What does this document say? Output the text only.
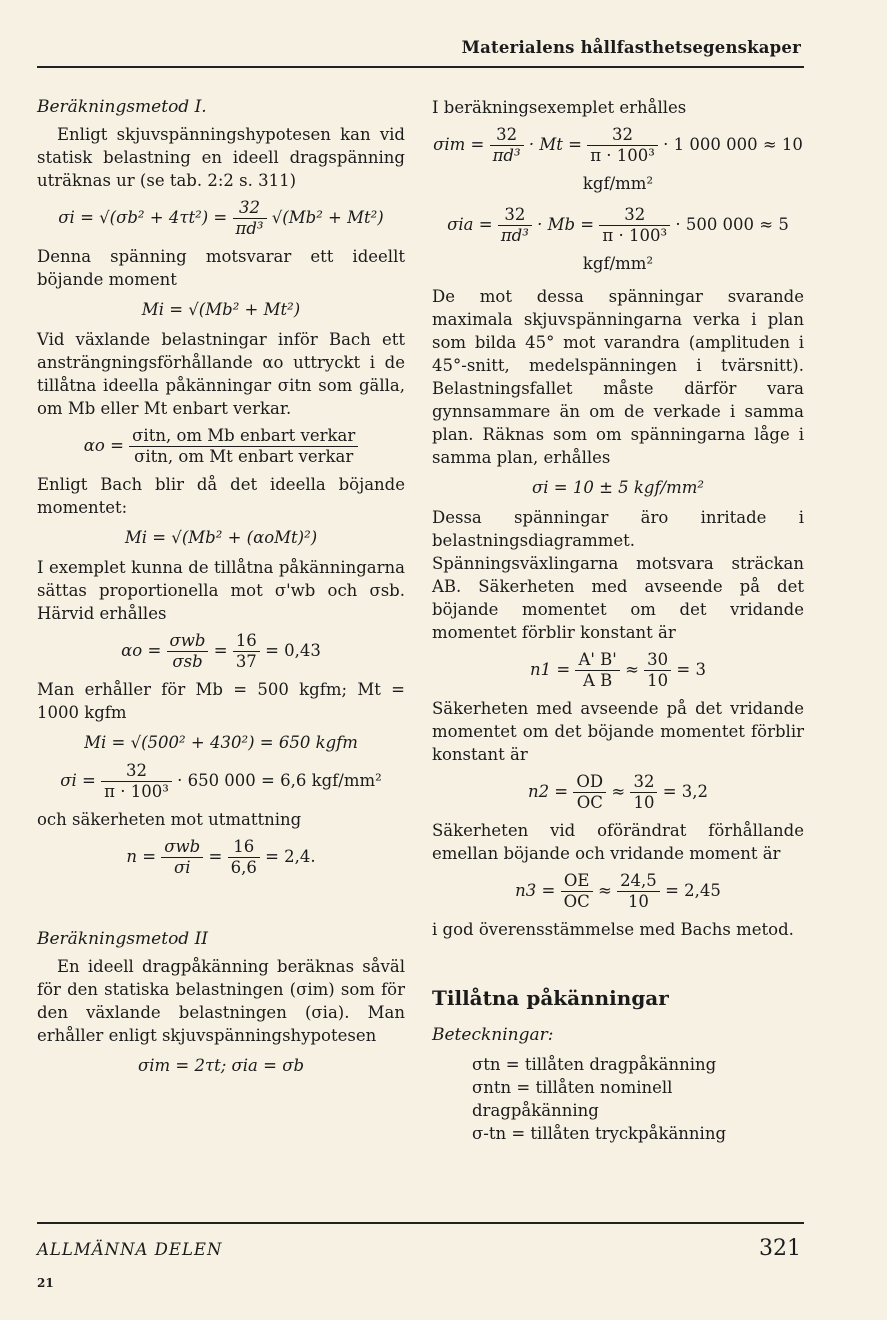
Materialens hållfasthetsegenskaper
Beräkningsmetod I.

Enligt skjuvspänningshypotesen kan vid statisk belastning en ideell dragspänning uträknas ur (se tab. 2:2 s. 311)

$\sigma i = √(\sigma b^2 + 4\tau t^2) = \frac{32}{\text{πd³}} √(Mb^2 + Mt^2)$

Denna spänning motsvarar ett ideellt böjande moment

Mi = √(Mb² + Mt²)

Vid växlande belastningar inför Bach ett ansträngningsförhållande αo uttryckt i de tillåtna ideella påkänningar σitn som gälla, om Mb eller Mt enbart verkar.

$\alpha o = \frac{\text{σitn, om Mb enbart verkar}}{\text{σitn, om Mt enbart verkar}}$

Enligt Bach blir då det ideella böjande momentet:

Mi = √(Mb² + (αoMt)²)

I exemplet kunna de tillåtna påkänningarna sättas proportionella mot σ'wb och σsb. Härvid erhålles

$\alpha o = \frac{\text{σwb}}{\text{σsb}} = \frac{16}{37} = 0,43$

Man erhåller för Mb = 500 kgfm; Mt = 1000 kgfm

Mi = √(500² + 430²) = 650 kgfm
$\sigma i = \frac{32}{\text{π · 100³}} \cdot 650$ 000 = 6,6 kgf/mm²

och säkerheten mot utmattning

$n = \frac{\text{σwb}}{\sigma i} = \frac{16}{6,6} = 2,4$.
Beräkningsmetod II

En ideell dragpåkänning beräknas såväl för den statiska belastningen (σim) som för den växlande belastningen (σia). Man erhåller enligt skjuvspänningshypotesen

σim = 2τt; σia = σb

I beräkningsexemplet erhålles

$\sigma im = \frac{32}{\text{πd³}} \cdot Mt = \frac{32}{\text{π · 100³}} \cdot 1$ 000 000 ≈ 10
kgf/mm²
$\sigma ia = \frac{32}{\text{πd³}} \cdot Mb = \frac{32}{\text{π · 100³}} \cdot 500$ 000 ≈ 5
kgf/mm²

De mot dessa spänningar svarande maximala skjuvspänningarna verka i plan som bilda 45° mot varandra (amplituden i 45°-snitt, medelspänningen i tvärsnitt). Belastningsfallet måste därför vara gynnsammare än om de verkade i samma plan. Räknas som om spänningarna låge i samma plan, erhålles

σi = 10 ± 5 kgf/mm²

Dessa spänningar äro inritade i belastningsdiagrammet. Spänningsväxlingarna motsvara sträckan AB. Säkerheten med avseende på det böjande momentet om det vridande momentet förblir konstant är

$n1 = \frac{A' B'}{\text{A B}} \approx \frac{30}{10} = 3$

Säkerheten med avseende på det vridande momentet om det böjande momentet förblir konstant är

$n2 = \frac{OD}{OC} \approx \frac{32}{10} = 3,2$

Säkerheten vid oförändrat förhållande emellan böjande och vridande moment är

$n3 = \frac{OE}{OC} \approx \frac{24,5}{10} = 2,45$

i god överensstämmelse med Bachs metod.

Tillåtna påkänningar
Beteckningar:
σtn = tillåten dragpåkänning
σntn = tillåten nominell dragpåkänning
σ-tn = tillåten tryckpåkänning
ALLMÄNNA DELEN
21
321
